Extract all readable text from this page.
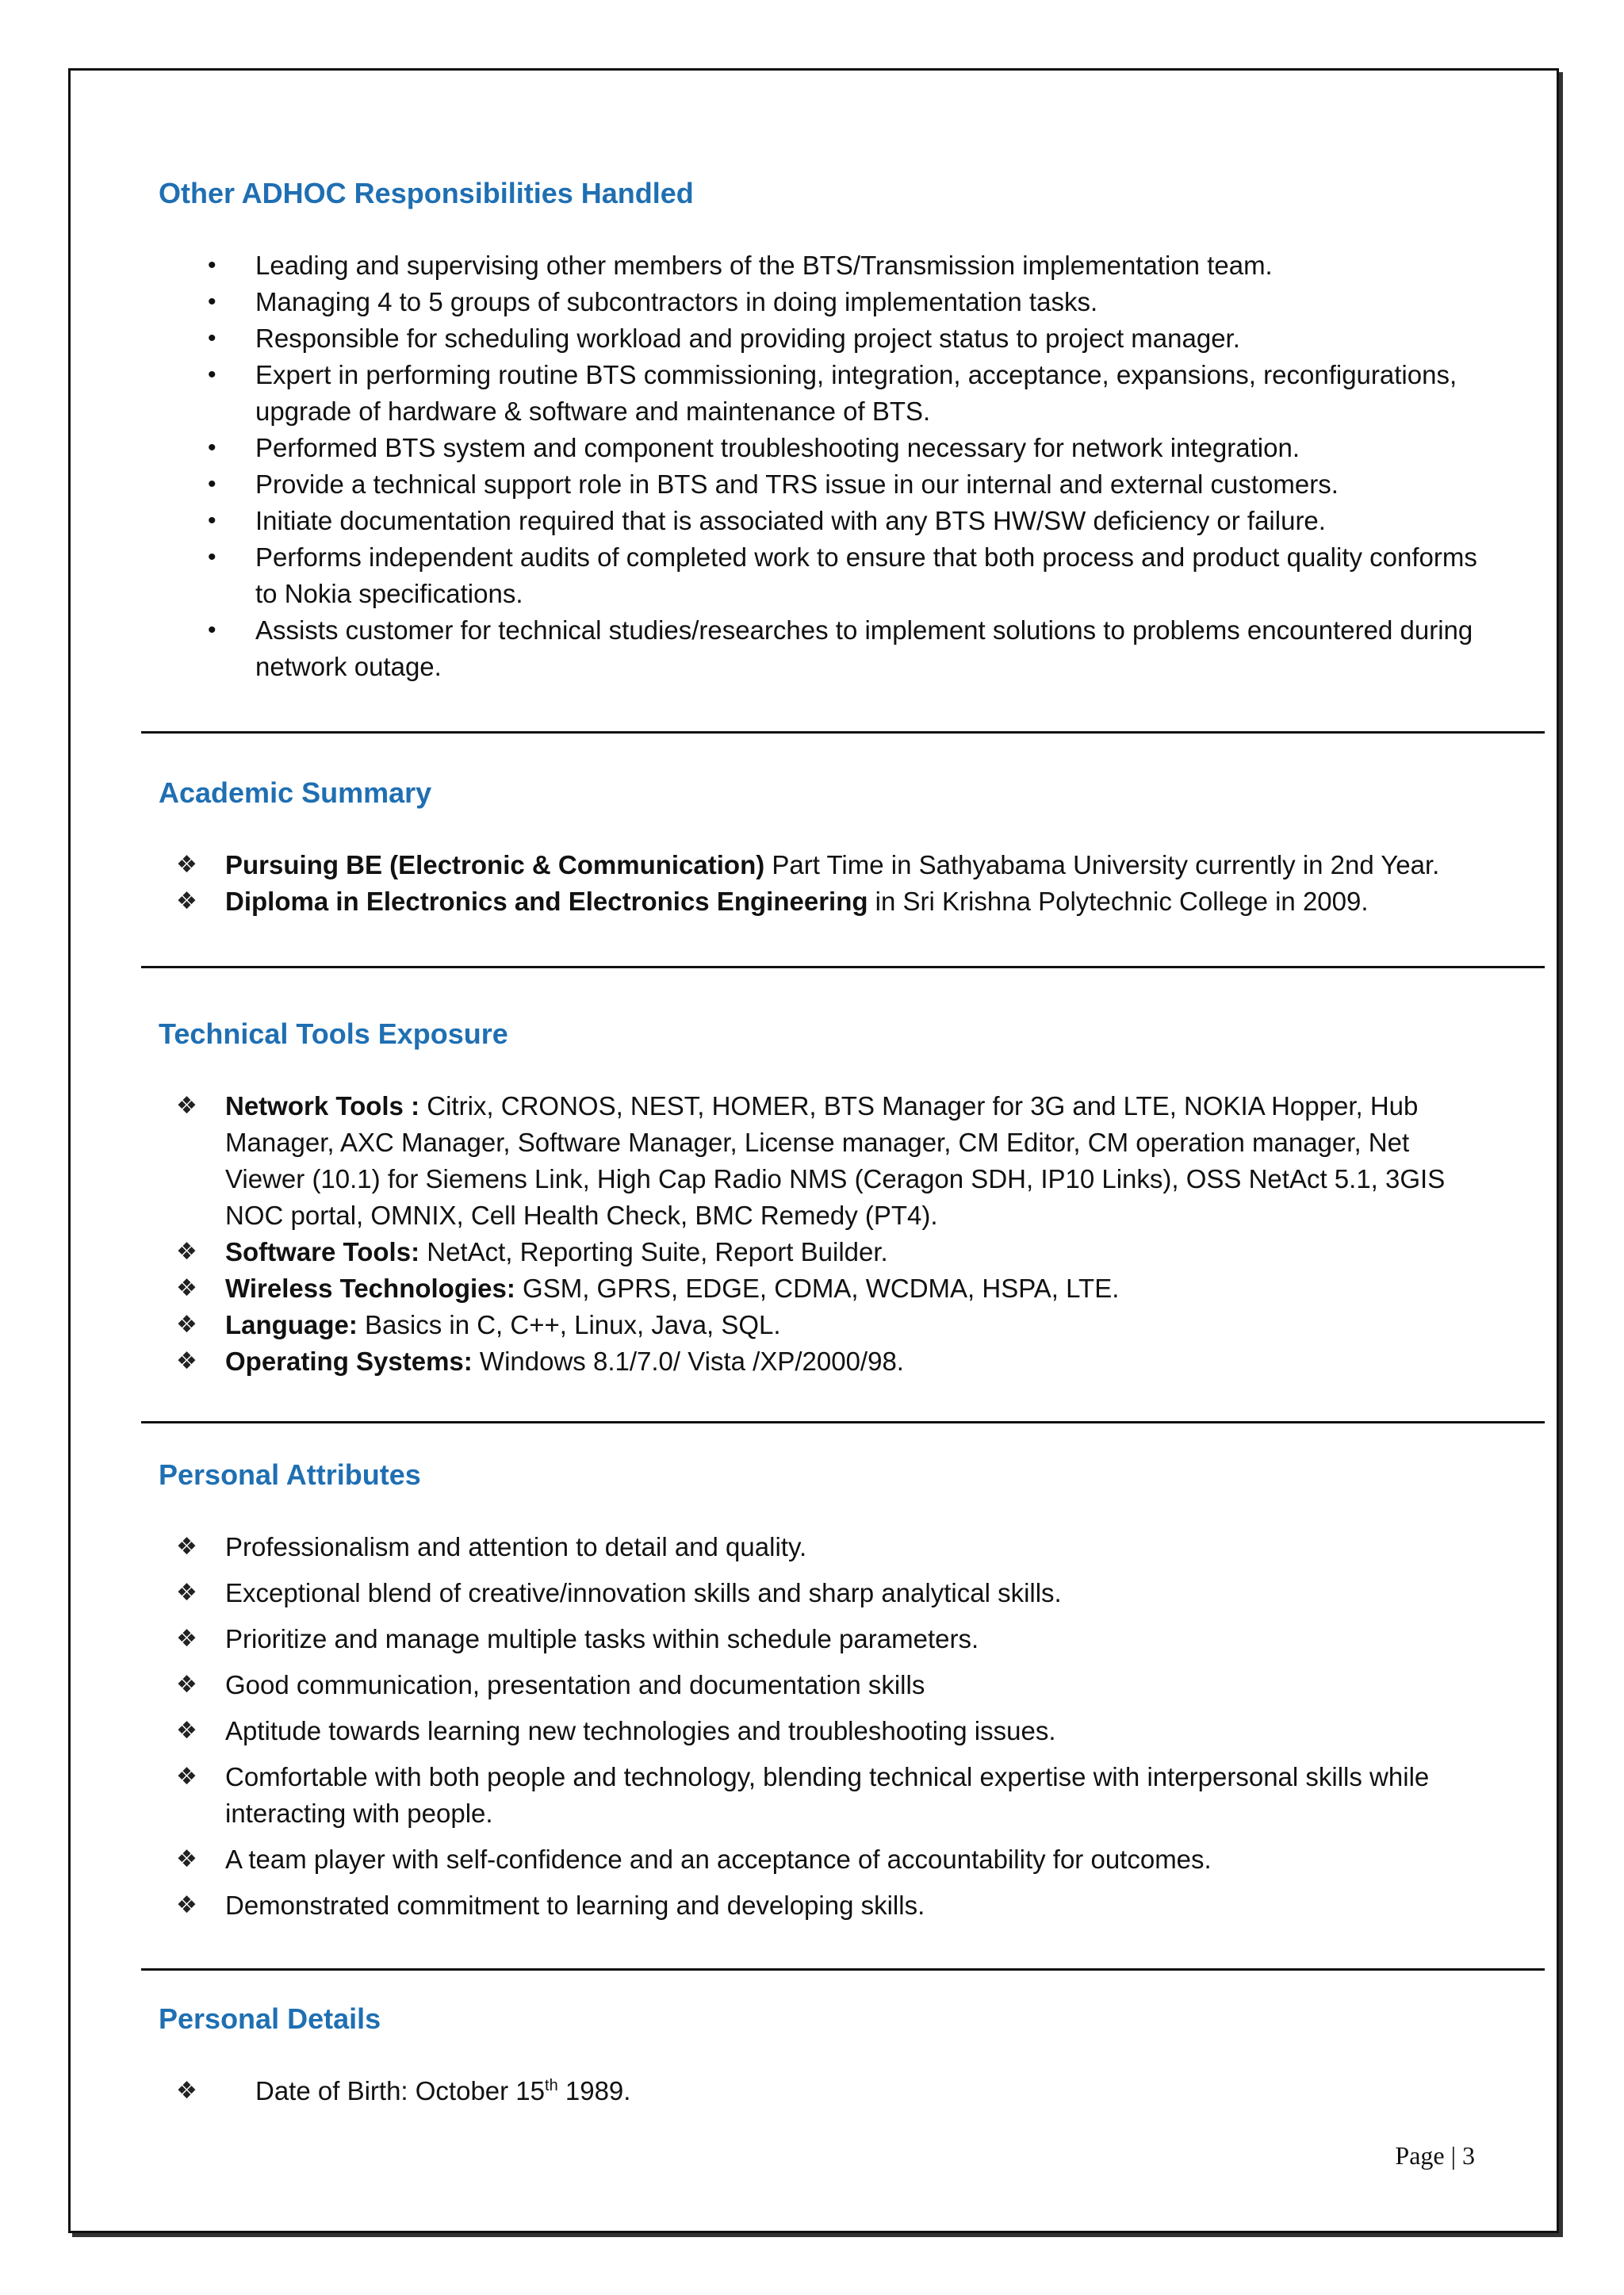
Other ADHOC Responsibilities Handled
• Leading and supervising other members of the BTS/Transmission implementation team.
• Managing 4 to 5 groups of subcontractors in doing implementation tasks.
• Responsible for scheduling workload and providing project status to project manager.
• Expert in performing routine BTS commissioning, integration, acceptance, expansions, reconfigurations, upgrade of hardware & software and maintenance of BTS.
• Performed BTS system and component troubleshooting necessary for network integration.
• Provide a technical support role in BTS and TRS issue in our internal and external customers.
• Initiate documentation required that is associated with any BTS HW/SW deficiency or failure.
• Performs independent audits of completed work to ensure that both process and product quality conforms to Nokia specifications.
• Assists customer for technical studies/researches to implement solutions to problems encountered during network outage.
Academic Summary
❖ Pursuing BE (Electronic & Communication) Part Time in Sathyabama University currently in 2nd Year.
❖ Diploma in Electronics and Electronics Engineering in Sri Krishna Polytechnic College in 2009.
Technical Tools Exposure
❖ Network Tools : Citrix, CRONOS, NEST, HOMER, BTS Manager for 3G and LTE, NOKIA Hopper, Hub Manager, AXC Manager, Software Manager, License manager, CM Editor, CM operation manager, Net Viewer (10.1) for Siemens Link, High Cap Radio NMS (Ceragon SDH, IP10 Links), OSS NetAct 5.1, 3GIS NOC portal, OMNIX, Cell Health Check, BMC Remedy (PT4).
❖ Software Tools: NetAct, Reporting Suite, Report Builder.
❖ Wireless Technologies: GSM, GPRS, EDGE, CDMA, WCDMA, HSPA, LTE.
❖ Language: Basics in C, C++, Linux, Java, SQL.
❖ Operating Systems: Windows 8.1/7.0/ Vista /XP/2000/98.
Personal Attributes
❖ Professionalism and attention to detail and quality.
❖ Exceptional blend of creative/innovation skills and sharp analytical skills.
❖ Prioritize and manage multiple tasks within schedule parameters.
❖ Good communication, presentation and documentation skills
❖ Aptitude towards learning new technologies and troubleshooting issues.
❖ Comfortable with both people and technology, blending technical expertise with interpersonal skills while interacting with people.
❖ A team player with self-confidence and an acceptance of accountability for outcomes.
❖ Demonstrated commitment to learning and developing skills.
Personal Details
❖ Date of Birth: October 15th 1989.
Page | 3
